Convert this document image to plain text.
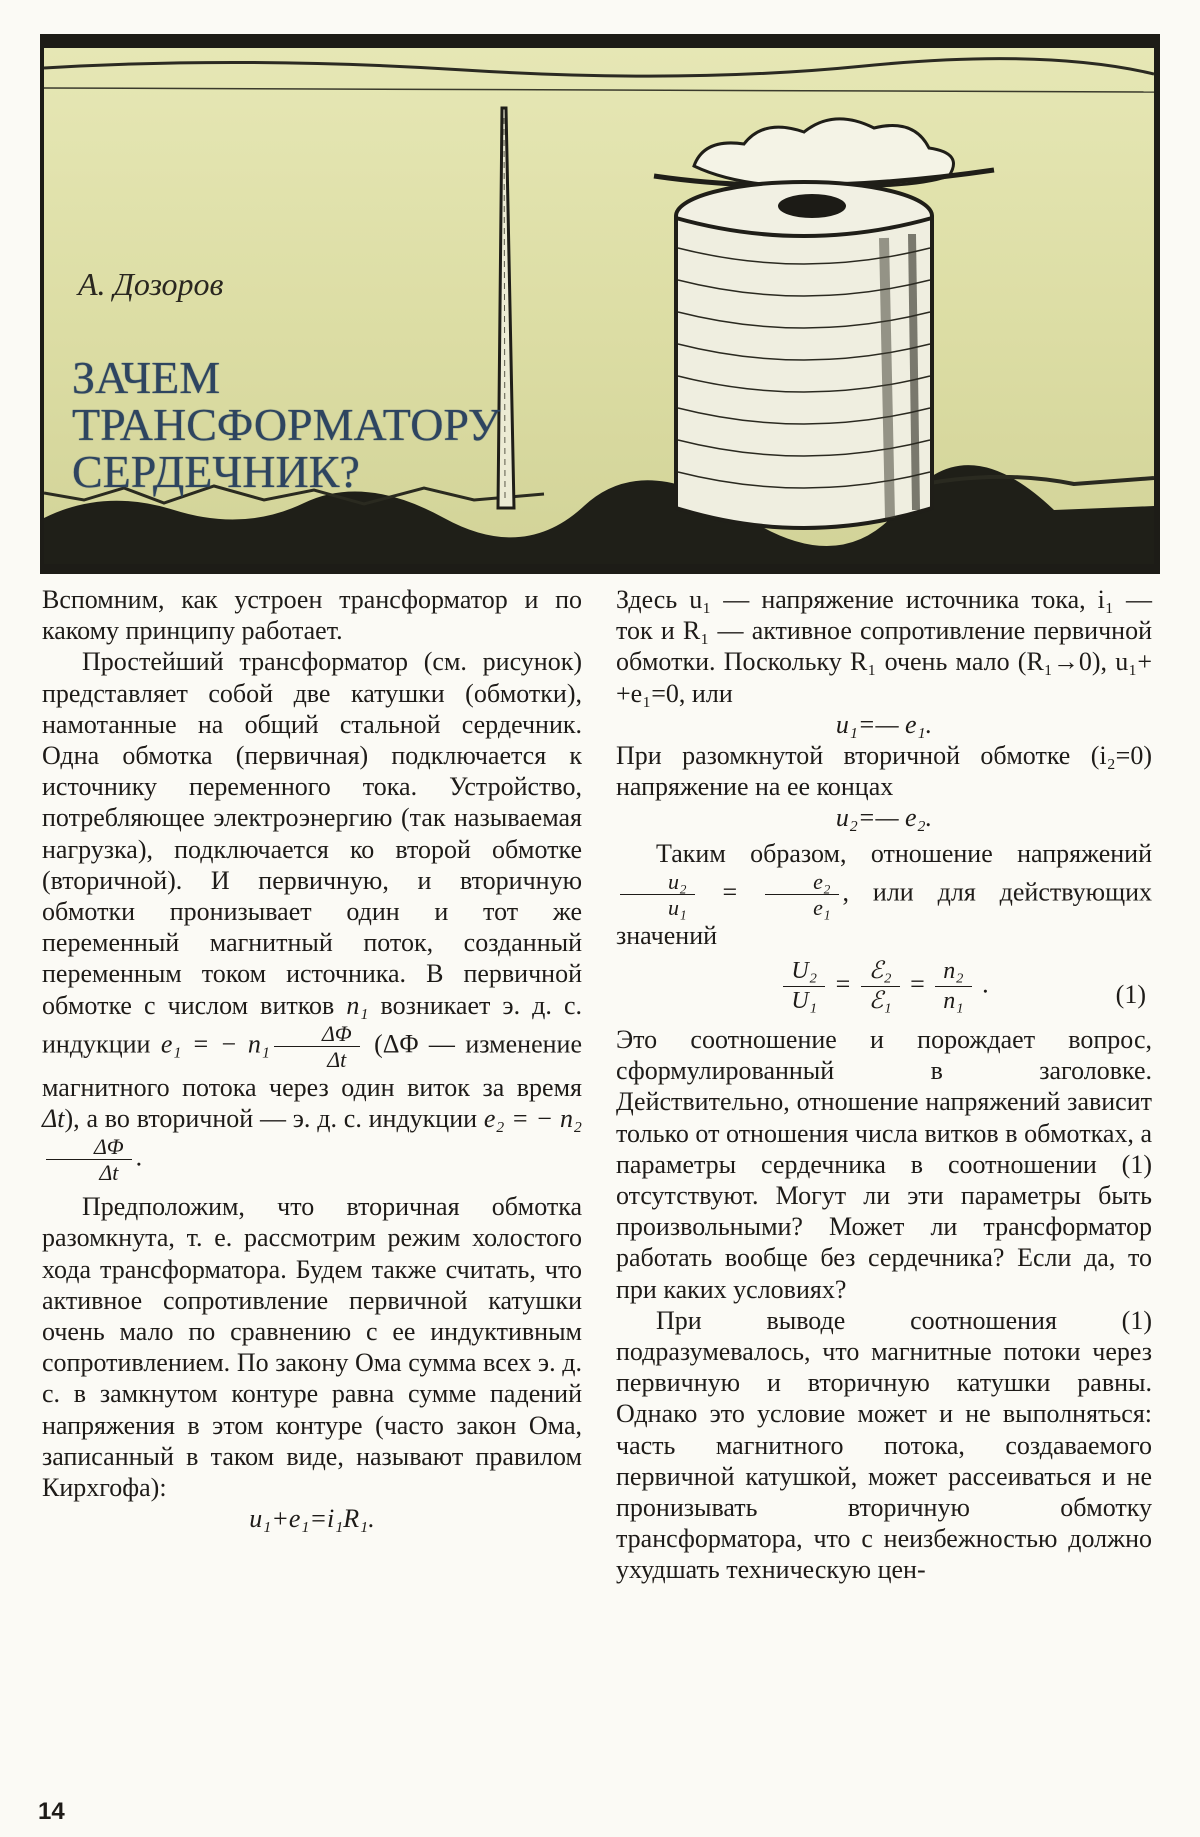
А. Дозоров
ЗАЧЕМ
ТРАНСФОРМАТОРУ
СЕРДЕЧНИК?

Вспомним, как устроен трансформатор и по какому принципу работает.

Простейший трансформатор (см. рисунок) представляет собой две катушки (обмотки), намотанные на общий стальной сердечник. Одна обмотка (первичная) подключается к источнику переменного тока. Устройство, потребляющее электроэнергию (так называемая нагрузка), подключается ко второй обмотке (вторичной). И первичную, и вторичную обмотки пронизывает один и тот же переменный магнитный поток, созданный переменным током источника. В первичной обмотке с числом витков n₁ возникает э. д. с. индукции e₁ = − $n_1 \frac{\Delta\Phi}{\Delta t} (\Delta\Phi$ — изменение магнитного потока через один виток за время Δt), а во вторичной — э. д. с. индукции e₂ = − n₂
$\frac{\Delta\Phi}{\Delta t}$ .

Предположим, что вторичная обмотка разомкнута, т. е. рассмотрим режим холостого хода трансформатора. Будем также считать, что активное сопротивление первичной катушки очень мало по сравнению с ее индуктивным сопротивлением. По закону Ома сумма всех э. д. с. в замкнутом контуре равна сумме падений напряжения в этом контуре (часто закон Ома, записанный в таком виде, называют правилом Кирхгофа):

u₁+e₁=i₁R₁.

Здесь u₁ — напряжение источника тока, i₁ — ток и R₁ — активное сопротивление первичной обмотки. Поскольку R₁ очень мало (R₁→0), u₁+ +e₁=0, или

u₁=— e₁.

При разомкнутой вторичной обмотке (i₂=0) напряжение на ее концах

u₂=— e₂.

Таким образом, отношение напряжений
$\frac{\text{u₂}}{\text{u₁}} = \frac{\text{e₂}}{\text{e₁}}$ , или для действующих значений

$\frac{\text{U₂}}{\text{U₁}} = \frac{\text{ℰ₂}}{\text{ℰ₁}} = \frac{\text{n₂}}{\text{n₁}}$ .	(1)

Это соотношение и порождает вопрос, сформулированный в заголовке. Действительно, отношение напряжений зависит только от отношения числа витков в обмотках, а параметры сердечника в соотношении (1) отсутствуют. Могут ли эти параметры быть произвольными? Может ли трансформатор работать вообще без сердечника? Если да, то при каких условиях?

При выводе соотношения (1) подразумевалось, что магнитные потоки через первичную и вторичную катушки равны. Однако это условие может и не выполняться: часть магнитного потока, создаваемого первичной катушкой, может рассеиваться и не пронизывать вторичную обмотку трансформатора, что с неизбежностью должно ухудшать техническую цен-

14
